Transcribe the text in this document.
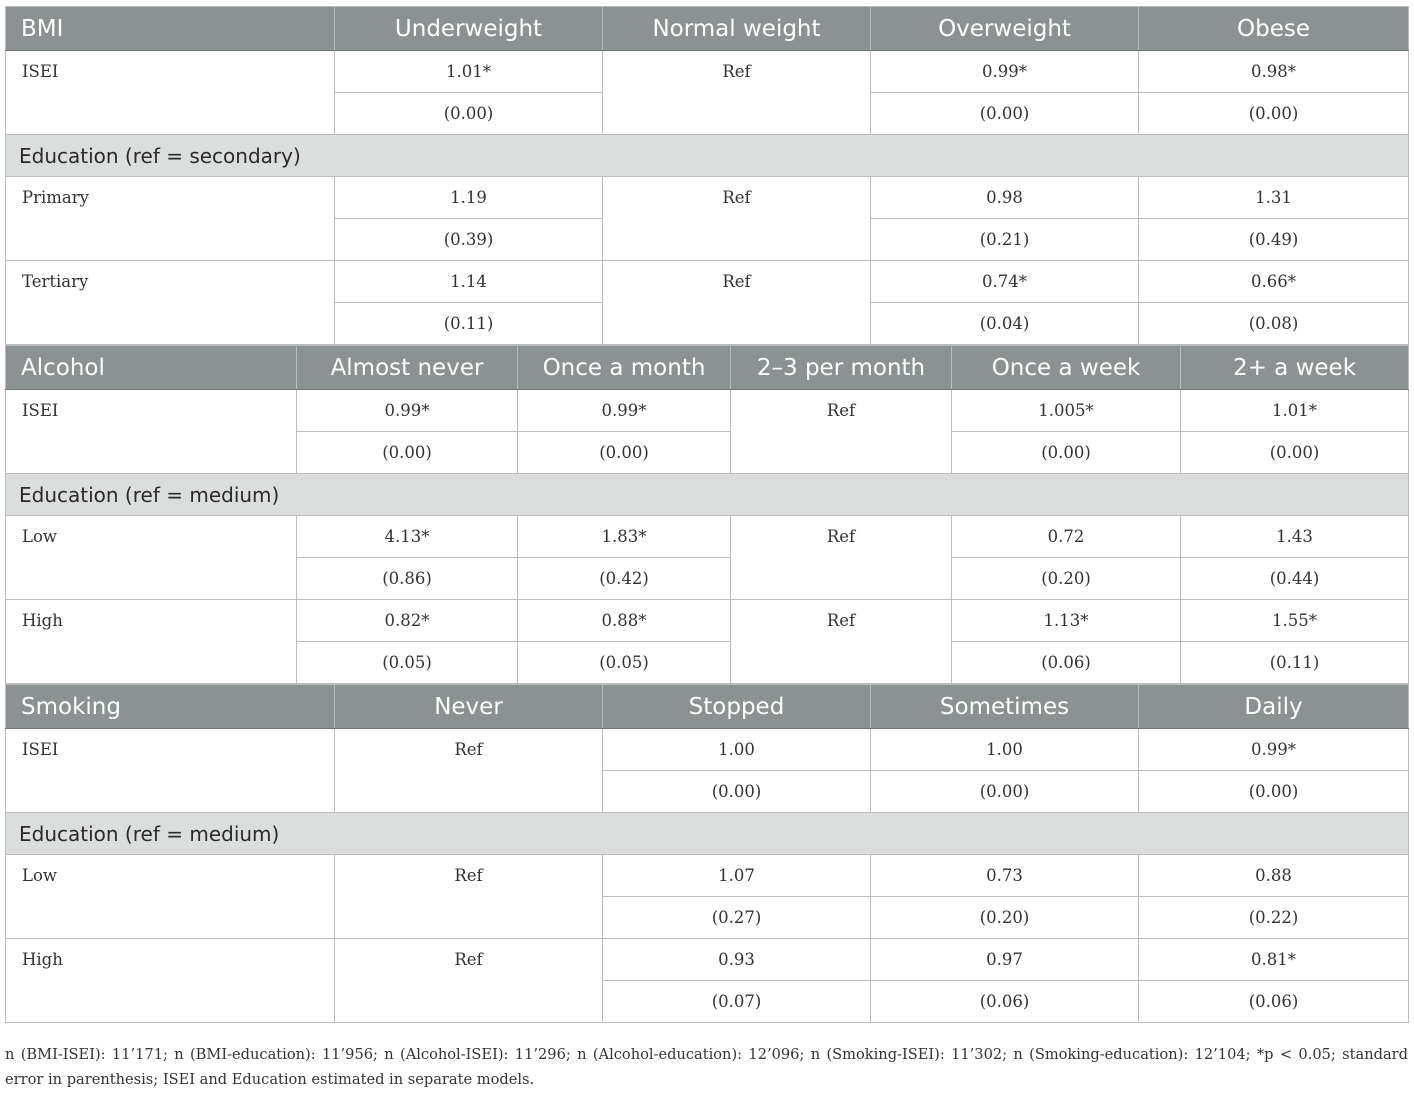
BMI	Underweight	Normal weight	Overweight	Obese
ISEI	1.01*	Ref	0.99*	0.98*
	(0.00)		(0.00)	(0.00)
Education (ref = secondary)				
Primary	1.19	Ref	0.98	1.31
	(0.39)		(0.21)	(0.49)
Tertiary	1.14	Ref	0.74*	0.66*
	(0.11)		(0.04)	(0.08)
Alcohol	Almost never	Once a month	2–3 per month	Once a week	2+ a week
ISEI	0.99*	0.99*	Ref	1.005*	1.01*
	(0.00)	(0.00)		(0.00)	(0.00)
Education (ref = medium)					
Low	4.13*	1.83*	Ref	0.72	1.43
	(0.86)	(0.42)		(0.20)	(0.44)
High	0.82*	0.88*	Ref	1.13*	1.55*
	(0.05)	(0.05)		(0.06)	(0.11)
Smoking	Never	Stopped	Sometimes	Daily
ISEI	Ref	1.00	1.00	0.99*
		(0.00)	(0.00)	(0.00)
Education (ref = medium)				
Low	Ref	1.07	0.73	0.88
		(0.27)	(0.20)	(0.22)
High	Ref	0.93	0.97	0.81*
		(0.07)	(0.06)	(0.06)
n (BMI-ISEI): 11’171; n (BMI-education): 11’956; n (Alcohol-ISEI): 11’296; n (Alcohol-education): 12’096; n (Smoking-ISEI): 11’302; n (Smoking-education): 12’104; *p < 0.05; standard error in parenthesis; ISEI and Education estimated in separate models.
